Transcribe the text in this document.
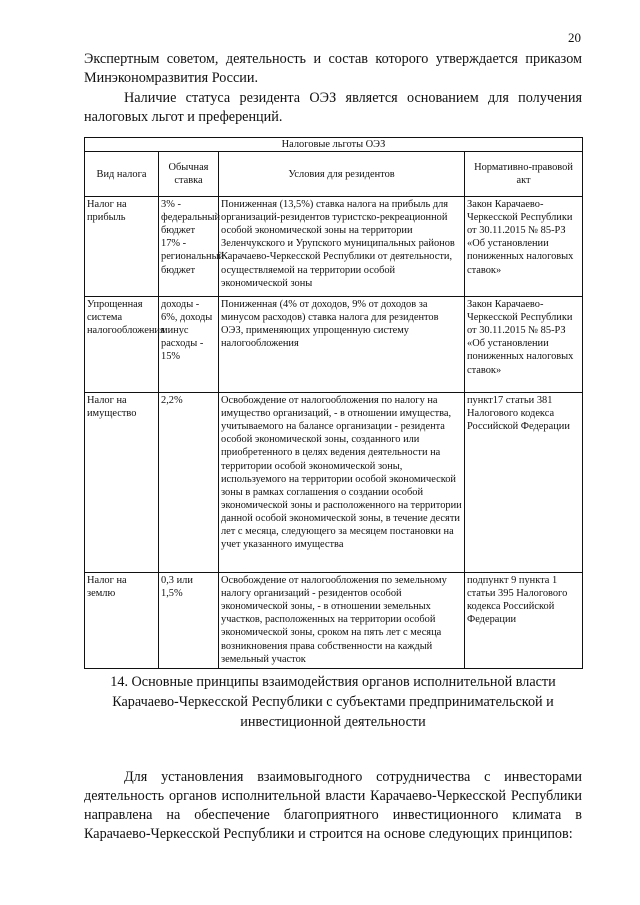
20
Экспертным советом, деятельность и состав которого утверждается приказом Минэкономразвития России.
Наличие статуса резидента ОЭЗ является основанием для получения налоговых льгот и преференций.
Налоговые льготы ОЭЗ			
Вид налога	Обычная ставка	Условия для резидентов	Нормативно-правовой акт
Налог на прибыль	3% - федеральный бюджет 17% - региональный бюджет	Пониженная (13,5%) ставка налога на прибыль для организаций-резидентов туристско-рекреационной особой экономической зоны на территории Зеленчукского и Урупского муниципальных районов Карачаево-Черкесской Республики от деятельности, осуществляемой на территории особой экономической зоны	Закон Карачаево-Черкесской Республики от 30.11.2015 № 85-РЗ «Об установлении пониженных налоговых ставок»
Упрощенная система налогообложения	доходы - 6%, доходы минус расходы - 15%	Пониженная (4% от доходов, 9% от доходов за минусом расходов) ставка налога для резидентов ОЭЗ, применяющих упрощенную систему налогообложения	Закон Карачаево-Черкесской Республики от 30.11.2015 № 85-РЗ «Об установлении пониженных налоговых ставок»
Налог на имущество	2,2%	Освобождение от налогообложения по налогу на имущество организаций, - в отношении имущества, учитываемого на балансе организации - резидента особой экономической зоны, созданного или приобретенного в целях ведения деятельности на территории особой экономической зоны, используемого на территории особой экономической зоны в рамках соглашения о создании особой экономической зоны и расположенного на территории данной особой экономической зоны, в течение десяти лет с месяца, следующего за месяцем постановки на учет указанного имущества	пункт17 статьи 381 Налогового кодекса Российской Федерации
Налог на землю	0,3 или 1,5%	Освобождение от налогообложения по земельному налогу организаций - резидентов особой экономической зоны, - в отношении земельных участков, расположенных на территории особой экономической зоны, сроком на пять лет с месяца возникновения права собственности на каждый земельный участок	подпункт 9 пункта 1 статьи 395 Налогового кодекса Российской Федерации
14. Основные принципы взаимодействия органов исполнительной власти Карачаево-Черкесской Республики с субъектами предпринимательской и инвестиционной деятельности
Для установления взаимовыгодного сотрудничества с инвесторами деятельность органов исполнительной власти Карачаево-Черкесской Республики направлена на обеспечение благоприятного инвестиционного климата в Карачаево-Черкесской Республики и строится на основе следующих принципов:
